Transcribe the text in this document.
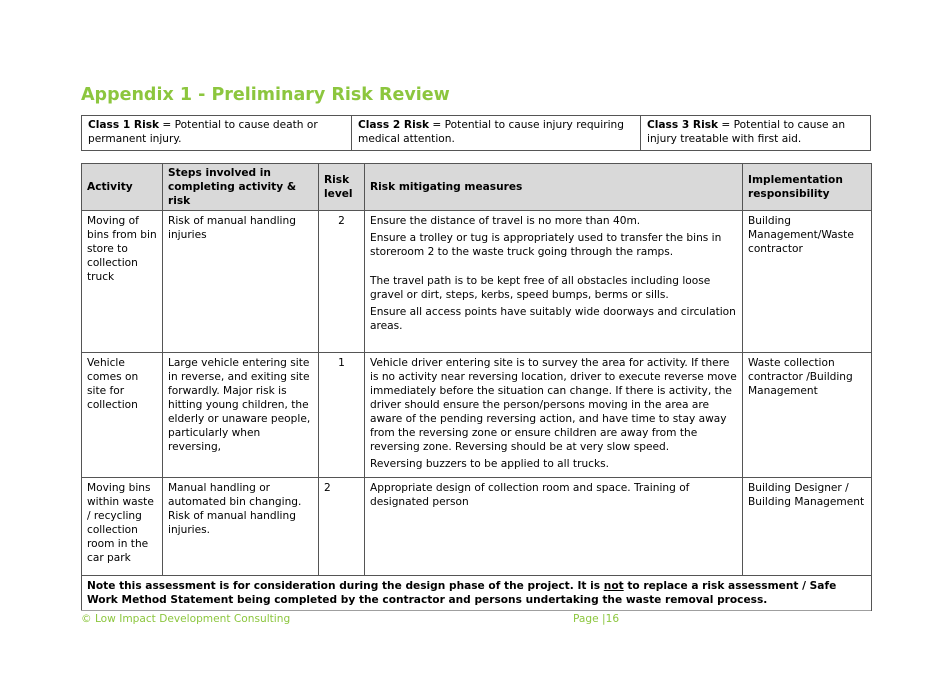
Appendix 1 - Preliminary Risk Review
Class 1 Risk = Potential to cause death or permanent injury.	Class 2 Risk = Potential to cause injury requiring medical attention.	Class 3 Risk = Potential to cause an injury treatable with first aid.
Activity	Steps involved in completing activity & risk	Risk level	Risk mitigating measures	Implementation responsibility
Moving of bins from bin store to collection truck	Risk of manual handling injuries	2	Ensure the distance of travel is no more than 40m.
Ensure a trolley or tug is appropriately used to transfer the bins in storeroom 2 to the waste truck going through the ramps.
The travel path is to be kept free of all obstacles including loose gravel or dirt, steps, kerbs, speed bumps, berms or sills.
Ensure all access points have suitably wide doorways and circulation areas.	Building Management/Waste contractor
Vehicle comes on site for collection	Large vehicle entering site in reverse, and exiting site forwardly. Major risk is hitting young children, the elderly or unaware people, particularly when reversing,	1	Vehicle driver entering site is to survey the area for activity. If there is no activity near reversing location, driver to execute reverse move immediately before the situation can change. If there is activity, the driver should ensure the person/persons moving in the area are aware of the pending reversing action, and have time to stay away from the reversing zone or ensure children are away from the reversing zone. Reversing should be at very slow speed.
Reversing buzzers to be applied to all trucks.	Waste collection contractor /Building Management
Moving bins within waste / recycling collection room in the car park	Manual handling or automated bin changing. Risk of manual handling injuries.	2	Appropriate design of collection room and space. Training of designated person	Building Designer / Building Management
Note this assessment is for consideration during the design phase of the project. It is not to replace a risk assessment / Safe Work Method Statement being completed by the contractor and persons undertaking the waste removal process.				
© Low Impact Development Consulting	Page |16
